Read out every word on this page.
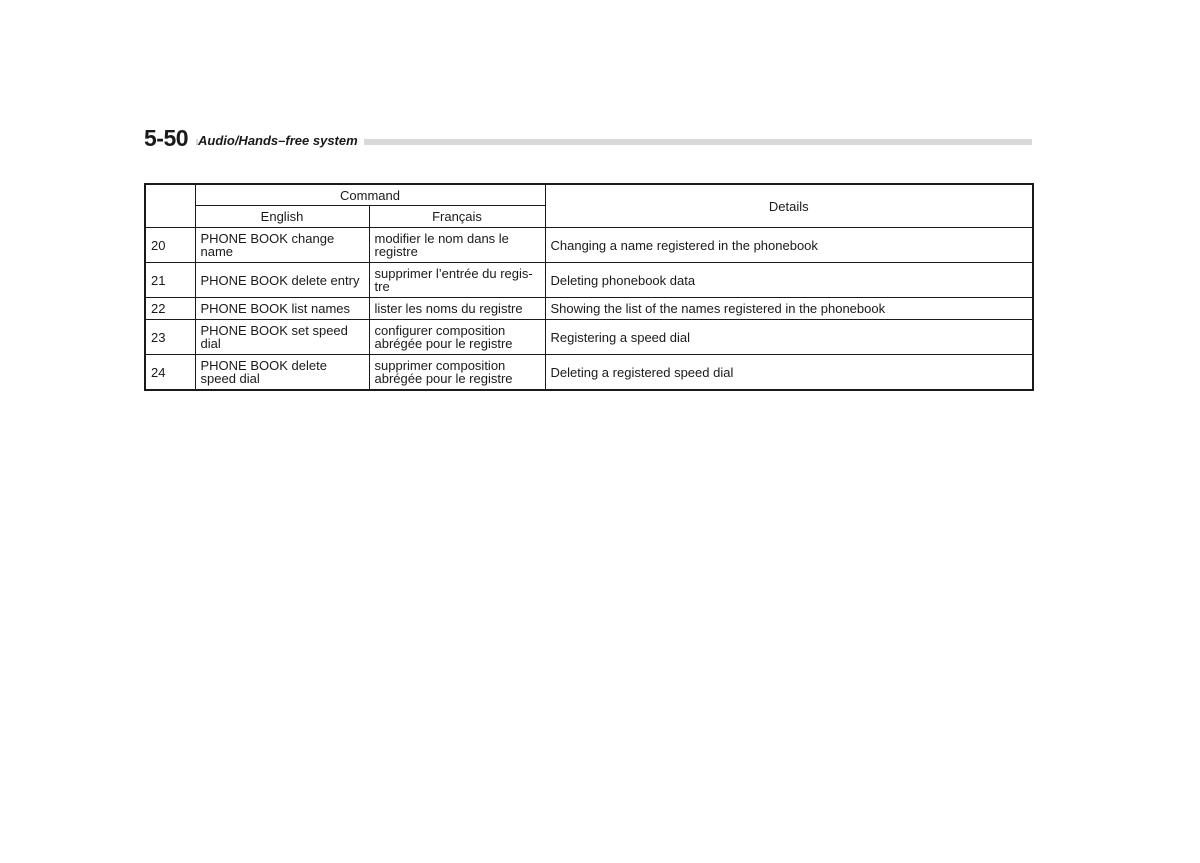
5-50 Audio/Hands–free system
	Command		Details
	English	Français	
20	PHONE BOOK change name	modifier le nom dans le registre	Changing a name registered in the phonebook
21	PHONE BOOK delete entry	supprimer l’entrée du regis-tre	Deleting phonebook data
22	PHONE BOOK list names	lister les noms du registre	Showing the list of the names registered in the phonebook
23	PHONE BOOK set speed dial	configurer composition abrégée pour le registre	Registering a speed dial
24	PHONE BOOK delete speed dial	supprimer composition abrégée pour le registre	Deleting a registered speed dial
